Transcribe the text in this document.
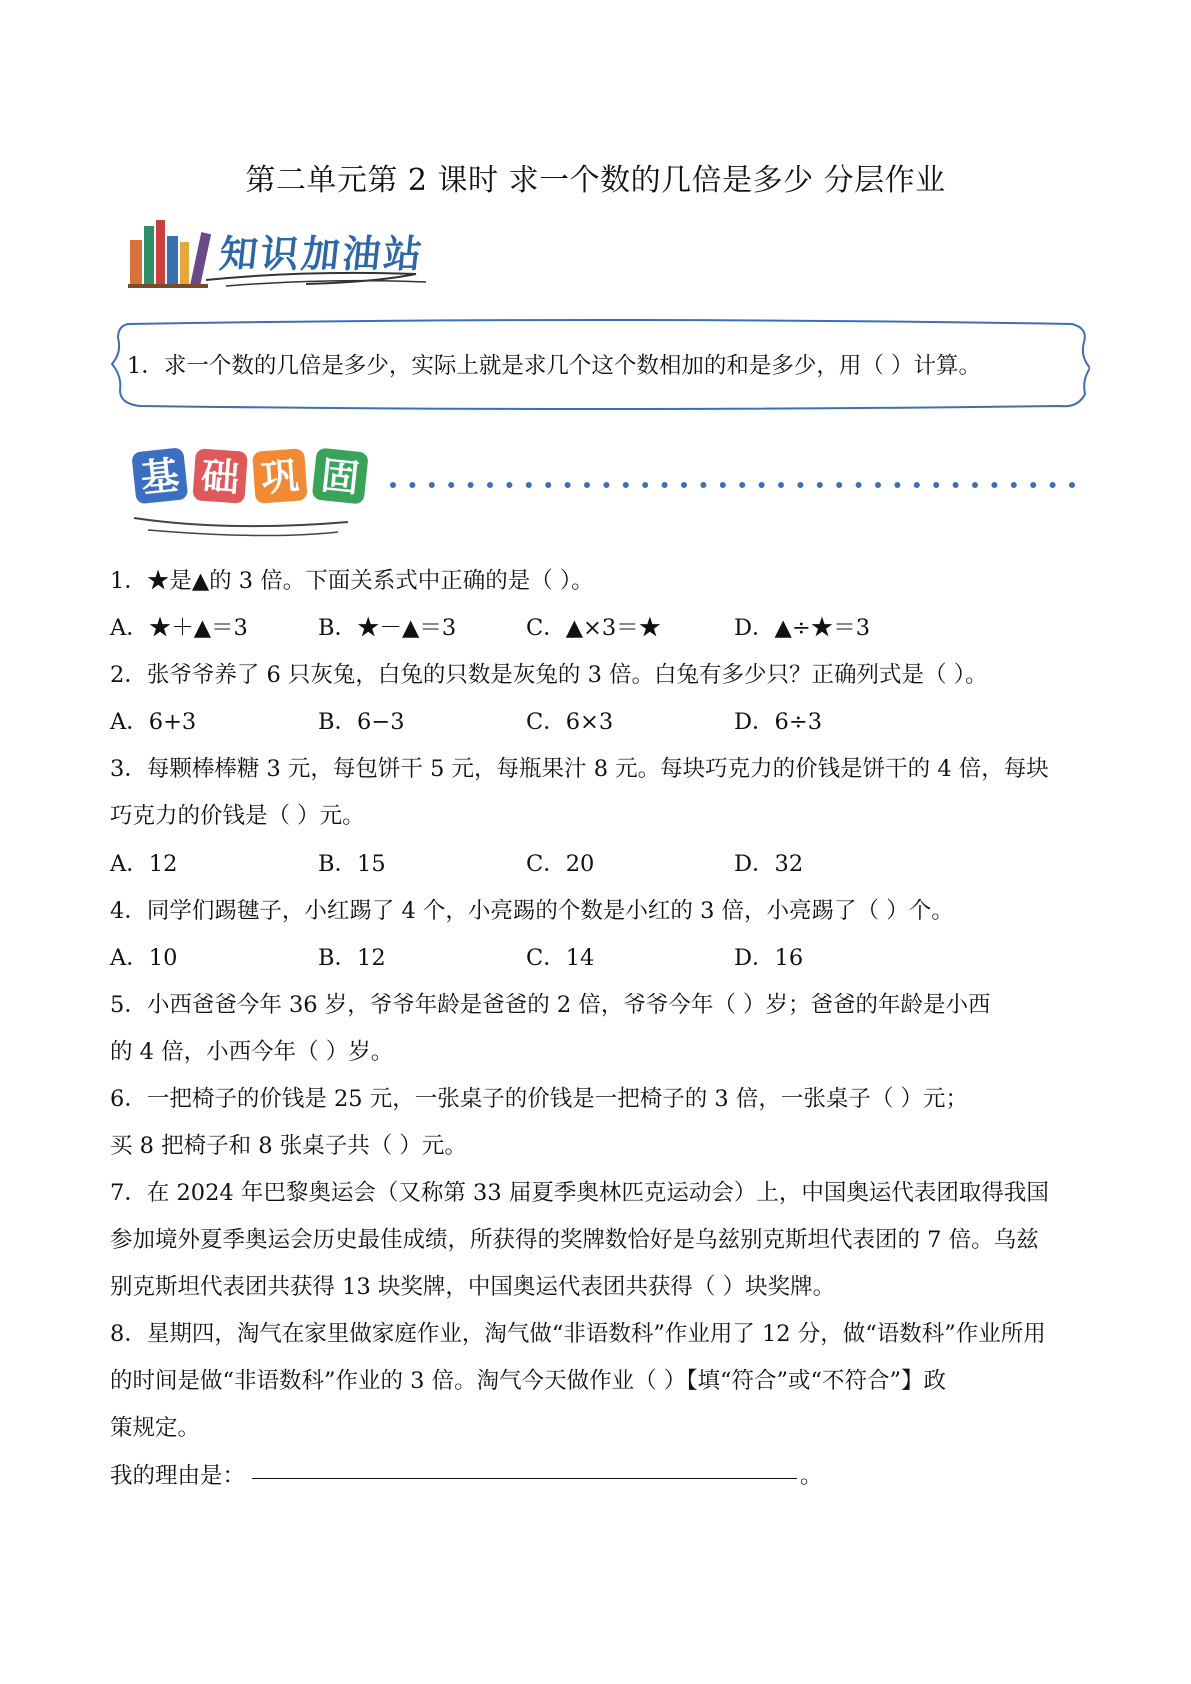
第二单元第 2 课时 求一个数的几倍是多少 分层作业
知识加油站
1．求一个数的几倍是多少，实际上就是求几个这个数相加的和是多少，用（ ）计算。
基 础 巩 固
1．★是▲的 3 倍。下面关系式中正确的是（ ）。
A．★＋▲＝3	B．★－▲＝3	C．▲×3＝★	D．▲÷★＝3
2．张爷爷养了 6 只灰兔，白兔的只数是灰兔的 3 倍。白兔有多少只？正确列式是（ ）。
A．6+3	B．6−3	C．6×3	D．6÷3
3．每颗棒棒糖 3 元，每包饼干 5 元，每瓶果汁 8 元。每块巧克力的价钱是饼干的 4 倍，每块
巧克力的价钱是（ ）元。
A．12	B．15	C．20	D．32
4．同学们踢毽子，小红踢了 4 个，小亮踢的个数是小红的 3 倍，小亮踢了（ ）个。
A．10	B．12	C．14	D．16
5．小西爸爸今年 36 岁，爷爷年龄是爸爸的 2 倍，爷爷今年（ ）岁；爸爸的年龄是小西
的 4 倍，小西今年（ ）岁。
6．一把椅子的价钱是 25 元，一张桌子的价钱是一把椅子的 3 倍，一张桌子（ ）元；
买 8 把椅子和 8 张桌子共（ ）元。
7．在 2024 年巴黎奥运会（又称第 33 届夏季奥林匹克运动会）上，中国奥运代表团取得我国
参加境外夏季奥运会历史最佳成绩，所获得的奖牌数恰好是乌兹别克斯坦代表团的 7 倍。乌兹
别克斯坦代表团共获得 13 块奖牌，中国奥运代表团共获得（ ）块奖牌。
8．星期四，淘气在家里做家庭作业，淘气做“非语数科”作业用了 12 分，做“语数科”作业所用
的时间是做“非语数科”作业的 3 倍。淘气今天做作业（ ）【填“符合”或“不符合”】政
策规定。
我的理由是：	。
